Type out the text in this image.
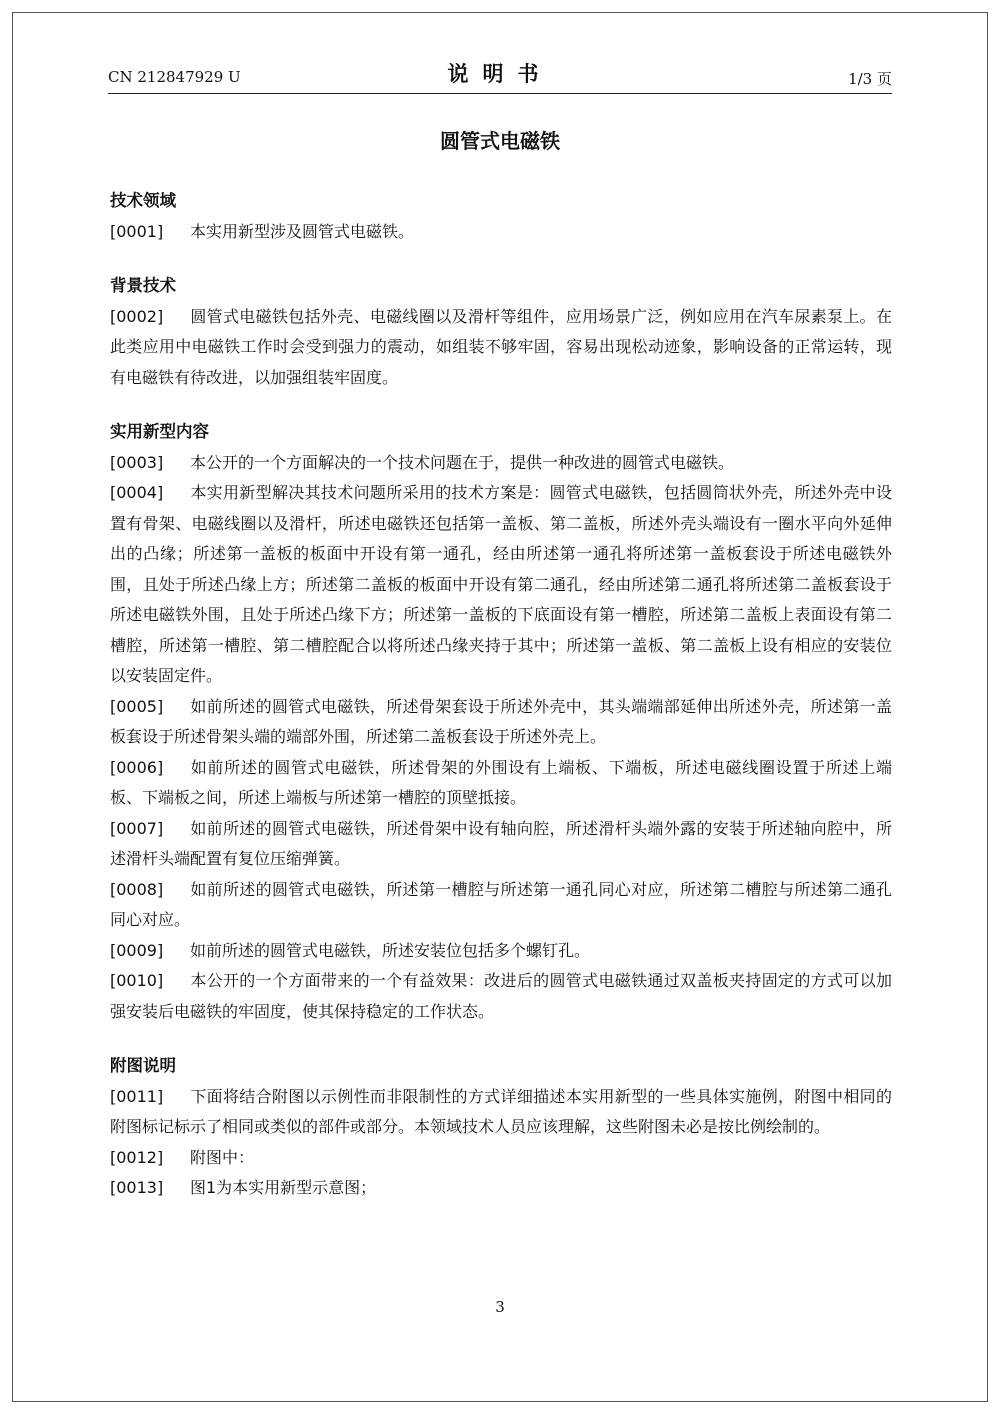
CN 212847929 U	说明书	1/3 页
圆管式电磁铁
技术领域
[0001] 本实用新型涉及圆管式电磁铁。
背景技术
[0002] 圆管式电磁铁包括外壳、电磁线圈以及滑杆等组件，应用场景广泛，例如应用在汽车尿素泵上。在此类应用中电磁铁工作时会受到强力的震动，如组装不够牢固，容易出现松动迹象，影响设备的正常运转，现有电磁铁有待改进，以加强组装牢固度。
实用新型内容
[0003] 本公开的一个方面解决的一个技术问题在于，提供一种改进的圆管式电磁铁。
[0004] 本实用新型解决其技术问题所采用的技术方案是：圆管式电磁铁，包括圆筒状外壳，所述外壳中设置有骨架、电磁线圈以及滑杆，所述电磁铁还包括第一盖板、第二盖板，所述外壳头端设有一圈水平向外延伸出的凸缘；所述第一盖板的板面中开设有第一通孔，经由所述第一通孔将所述第一盖板套设于所述电磁铁外围，且处于所述凸缘上方；所述第二盖板的板面中开设有第二通孔，经由所述第二通孔将所述第二盖板套设于所述电磁铁外围，且处于所述凸缘下方；所述第一盖板的下底面设有第一槽腔，所述第二盖板上表面设有第二槽腔，所述第一槽腔、第二槽腔配合以将所述凸缘夹持于其中；所述第一盖板、第二盖板上设有相应的安装位以安装固定件。
[0005] 如前所述的圆管式电磁铁，所述骨架套设于所述外壳中，其头端端部延伸出所述外壳，所述第一盖板套设于所述骨架头端的端部外围，所述第二盖板套设于所述外壳上。
[0006] 如前所述的圆管式电磁铁，所述骨架的外围设有上端板、下端板，所述电磁线圈设置于所述上端板、下端板之间，所述上端板与所述第一槽腔的顶壁抵接。
[0007] 如前所述的圆管式电磁铁，所述骨架中设有轴向腔，所述滑杆头端外露的安装于所述轴向腔中，所述滑杆头端配置有复位压缩弹簧。
[0008] 如前所述的圆管式电磁铁，所述第一槽腔与所述第一通孔同心对应，所述第二槽腔与所述第二通孔同心对应。
[0009] 如前所述的圆管式电磁铁，所述安装位包括多个螺钉孔。
[0010] 本公开的一个方面带来的一个有益效果：改进后的圆管式电磁铁通过双盖板夹持固定的方式可以加强安装后电磁铁的牢固度，使其保持稳定的工作状态。
附图说明
[0011] 下面将结合附图以示例性而非限制性的方式详细描述本实用新型的一些具体实施例，附图中相同的附图标记标示了相同或类似的部件或部分。本领域技术人员应该理解，这些附图未必是按比例绘制的。
[0012] 附图中：
[0013] 图1为本实用新型示意图；
3
